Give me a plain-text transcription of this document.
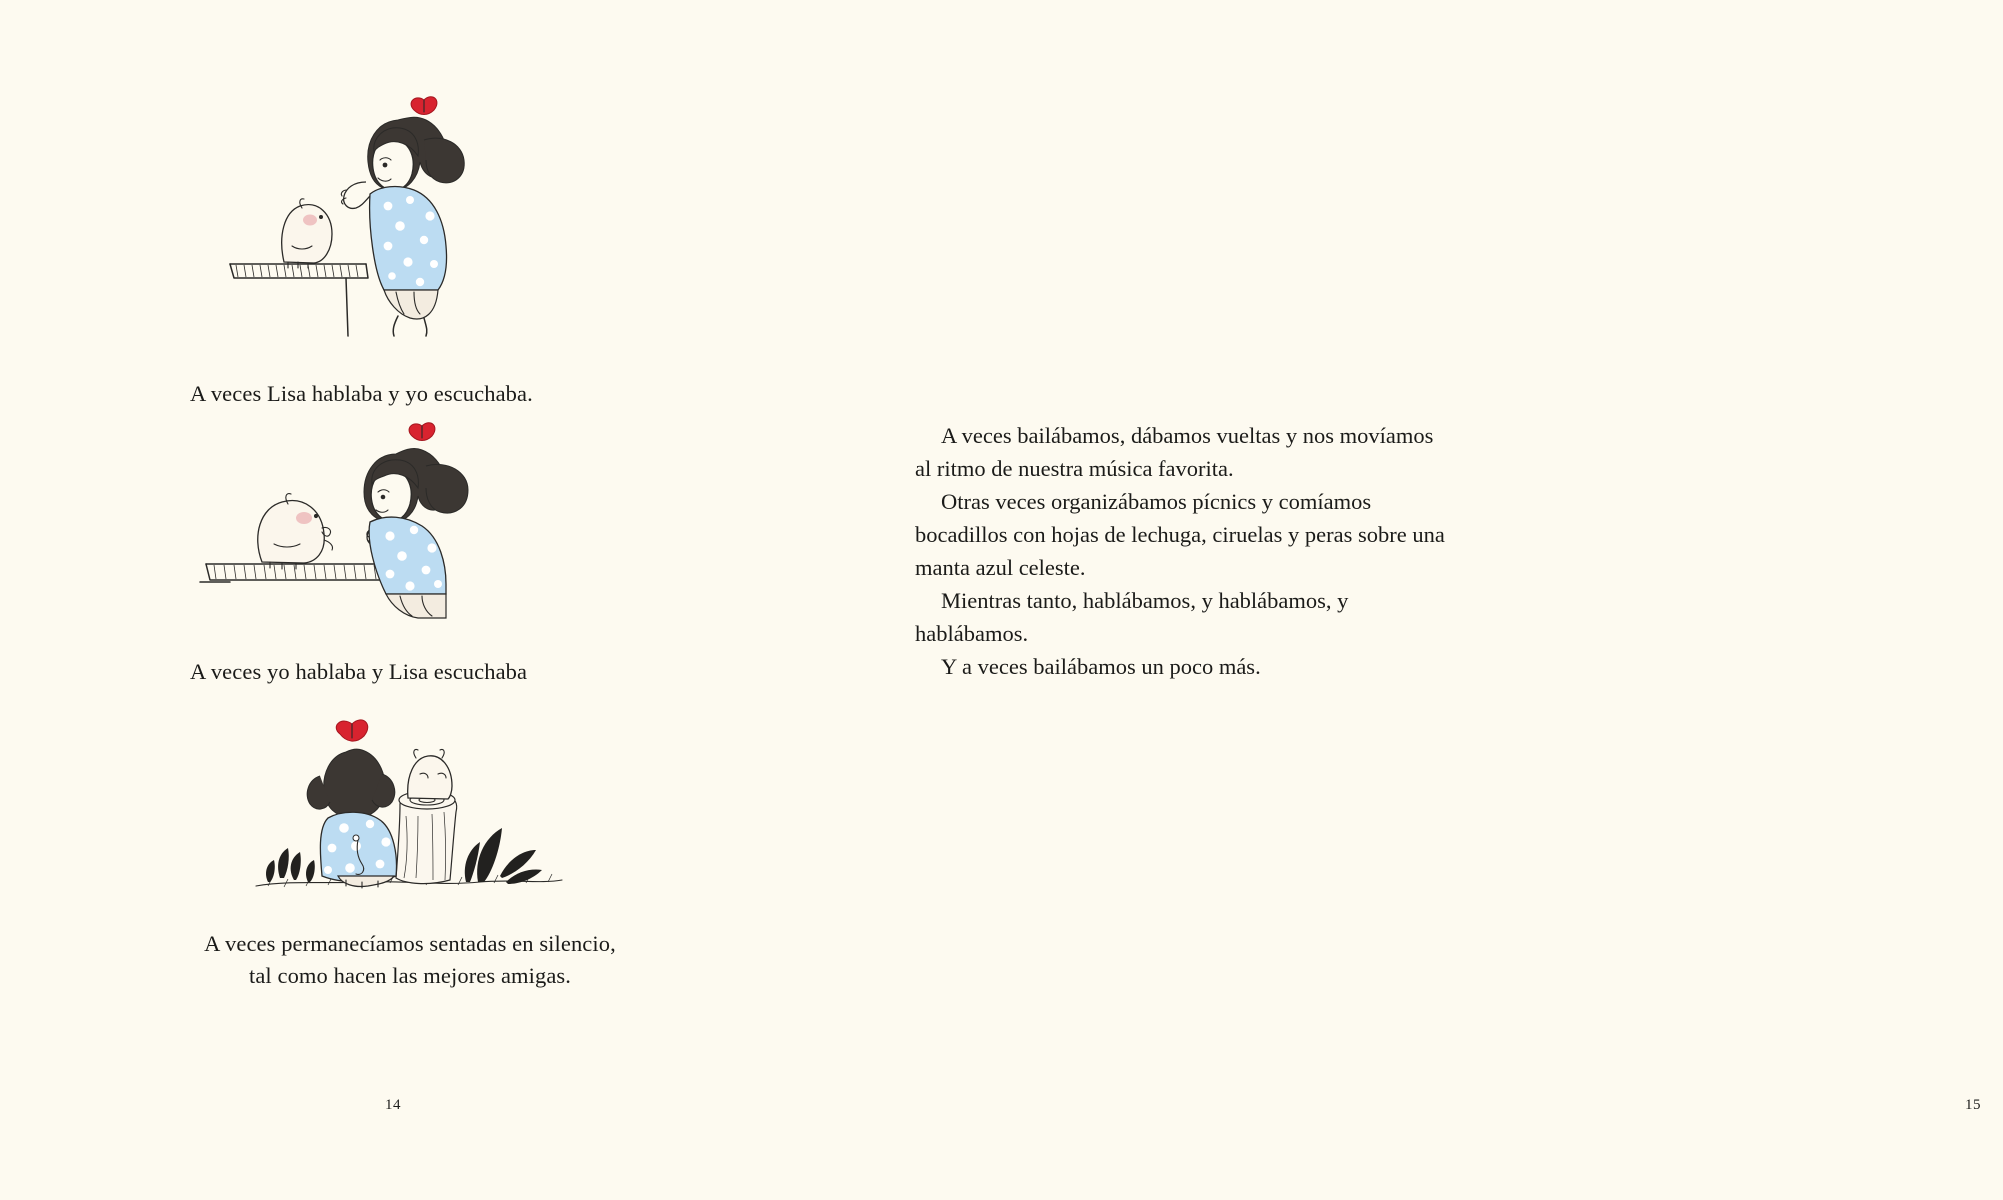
A veces Lisa hablaba y yo escuchaba.
A veces yo hablaba y Lisa escuchaba
A veces permanecíamos sentadas en silencio,
tal como hacen las mejores amigas.
14

A veces bailábamos, dábamos vueltas y nos movíamos al ritmo de nuestra música favorita.

Otras veces organizábamos pícnics y comíamos bocadillos con hojas de lechuga, ciruelas y peras sobre una manta azul celeste.

Mientras tanto, hablábamos, y hablábamos, y hablábamos.

Y a veces bailábamos un poco más.

15
